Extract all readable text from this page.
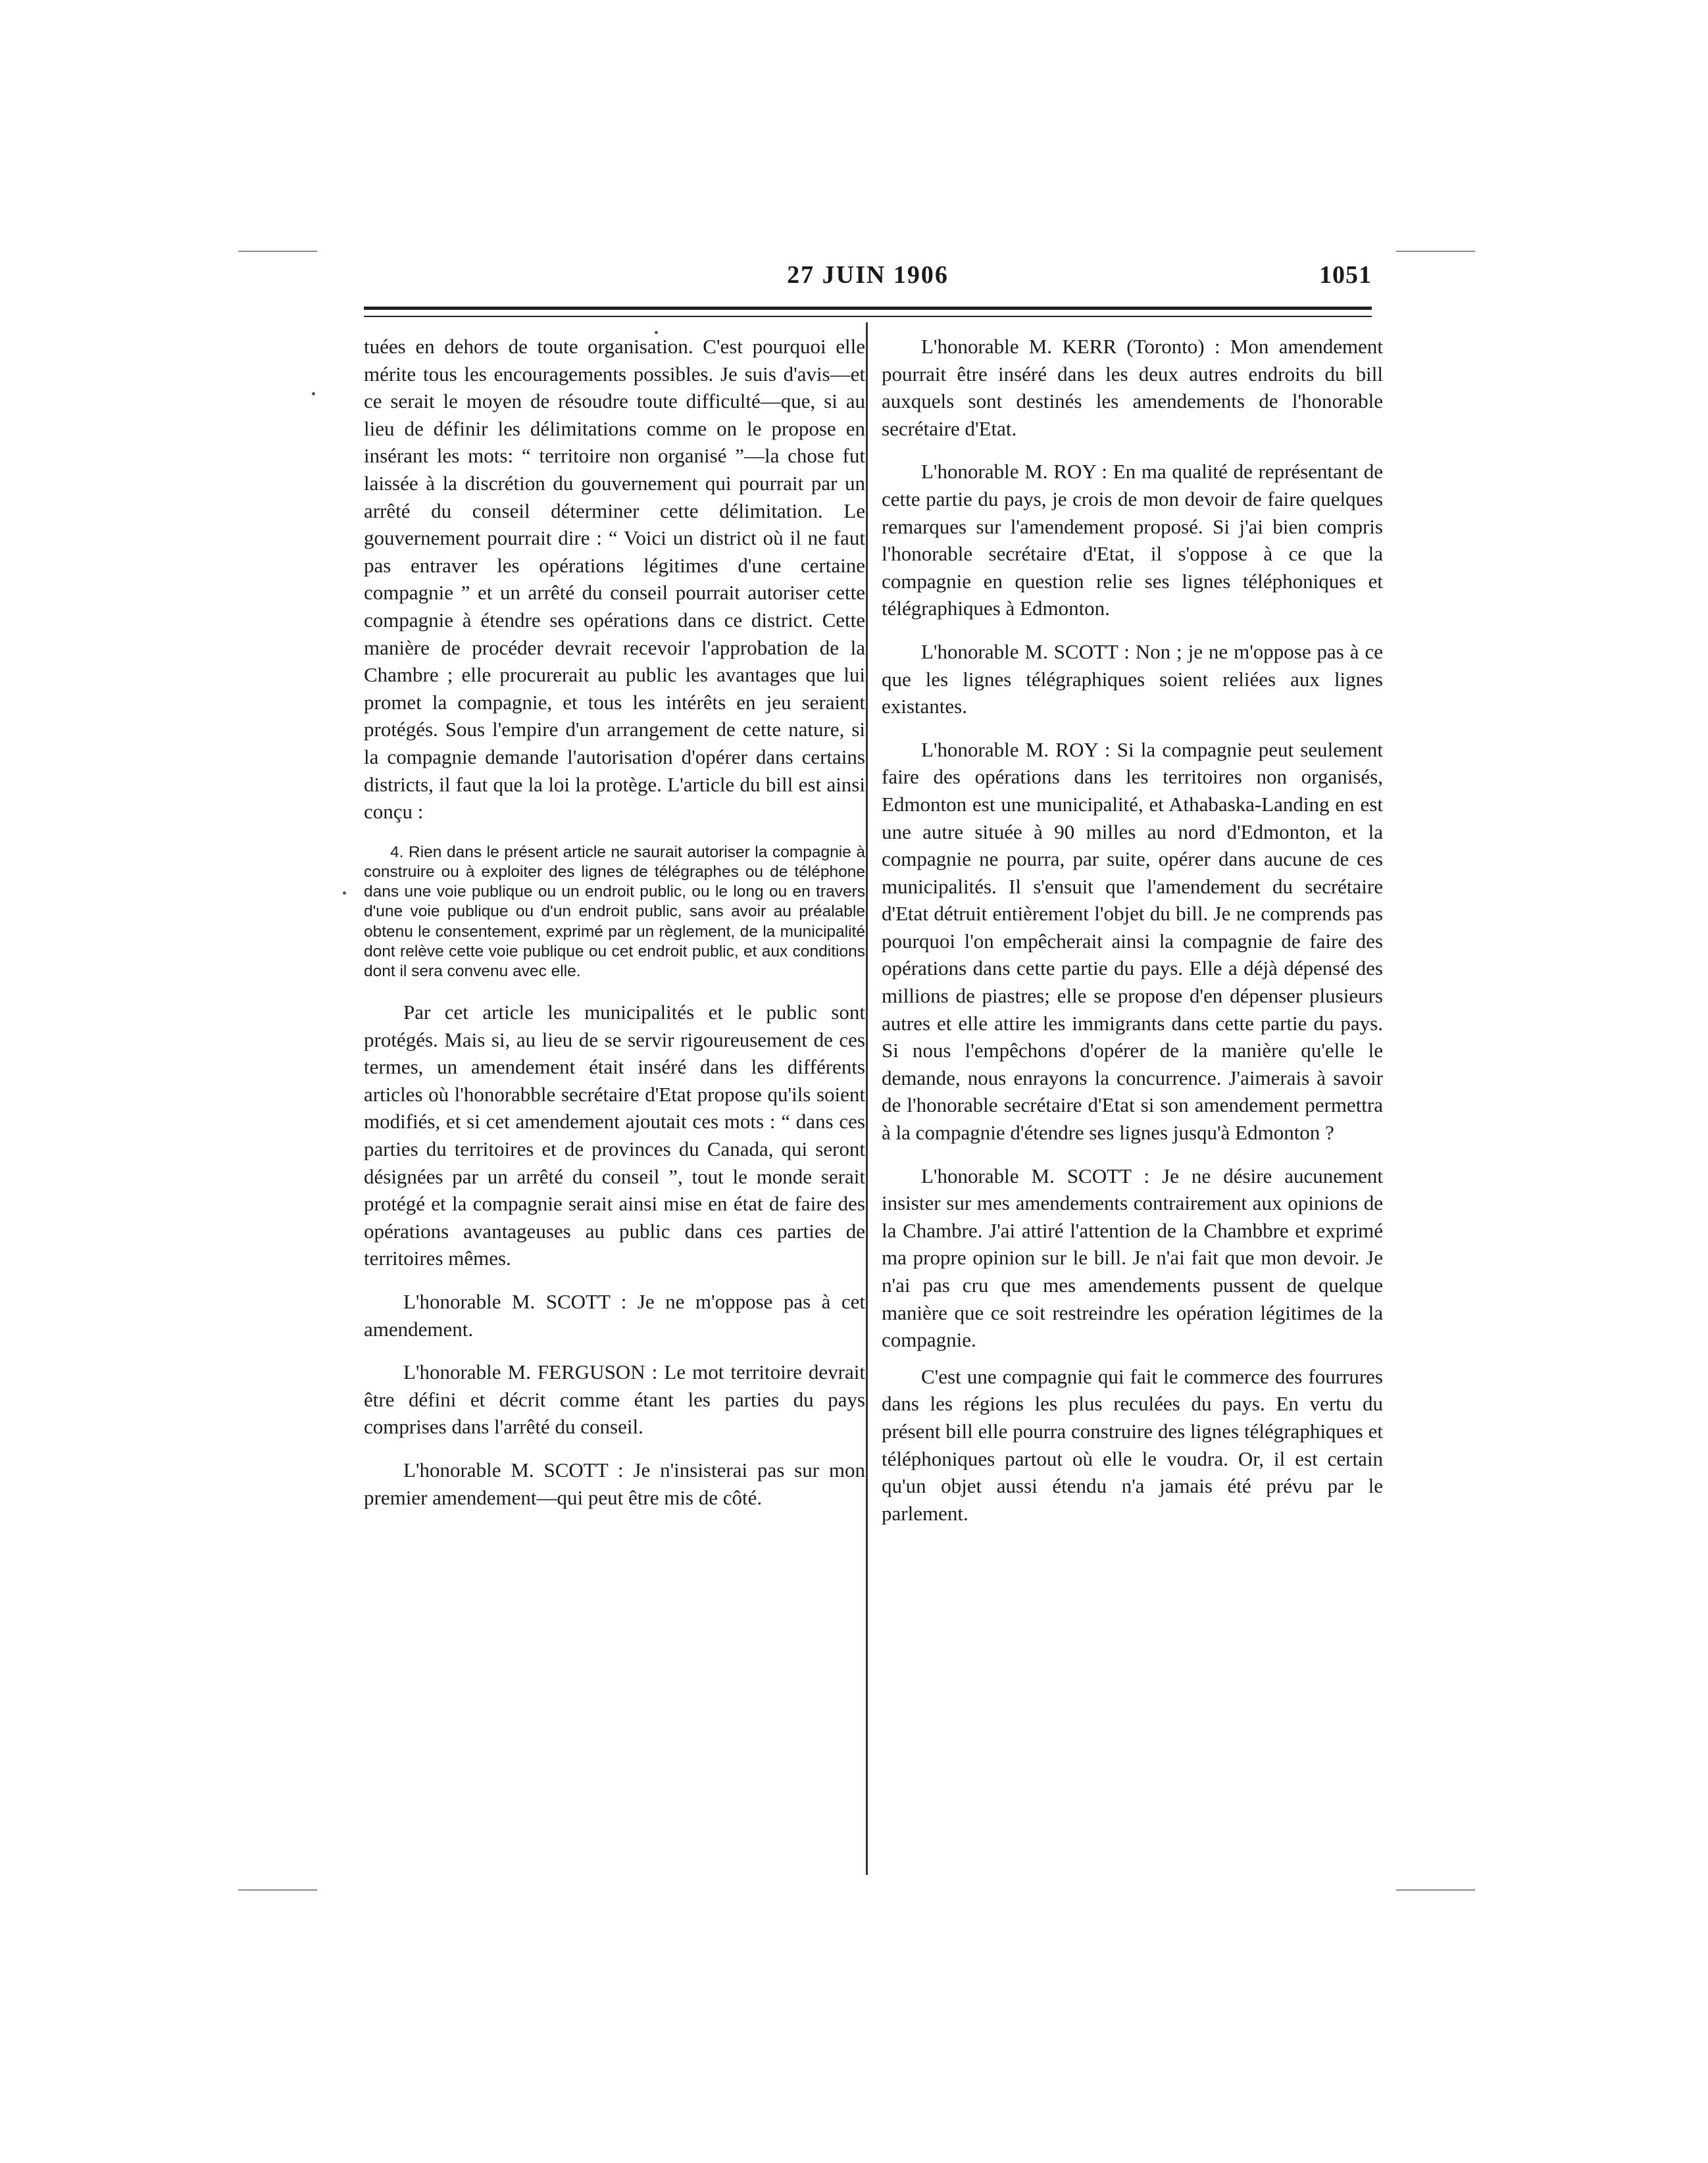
27 JUIN 1906	1051

tuées en dehors de toute organisation. C'est pourquoi elle mérite tous les encouragements possibles. Je suis d'avis—et ce serait le moyen de résoudre toute difficulté—que, si au lieu de définir les délimitations comme on le propose en insérant les mots: “ territoire non organisé ”—la chose fut laissée à la discrétion du gouvernement qui pourrait par un arrêté du conseil déterminer cette délimitation. Le gouvernement pourrait dire : “ Voici un district où il ne faut pas entraver les opérations légitimes d'une certaine compagnie ” et un arrêté du conseil pourrait autoriser cette compagnie à étendre ses opérations dans ce district. Cette manière de procéder devrait recevoir l'approbation de la Chambre ; elle procurerait au public les avantages que lui promet la compagnie, et tous les intérêts en jeu seraient protégés. Sous l'empire d'un arrangement de cette nature, si la compagnie demande l'autorisation d'opérer dans certains districts, il faut que la loi la protège. L'article du bill est ainsi conçu :

4. Rien dans le présent article ne saurait autoriser la compagnie à construire ou à exploiter des lignes de télégraphes ou de téléphone dans une voie publique ou un endroit public, ou le long ou en travers d'une voie publique ou d'un endroit public, sans avoir au préalable obtenu le consentement, exprimé par un règlement, de la municipalité dont relève cette voie publique ou cet endroit public, et aux conditions dont il sera convenu avec elle.

Par cet article les municipalités et le public sont protégés. Mais si, au lieu de se servir rigoureusement de ces termes, un amendement était inséré dans les différents articles où l'honorabble secrétaire d'Etat propose qu'ils soient modifiés, et si cet amendement ajoutait ces mots : “ dans ces parties du territoires et de provinces du Canada, qui seront désignées par un arrêté du conseil ”, tout le monde serait protégé et la compagnie serait ainsi mise en état de faire des opérations avantageuses au public dans ces parties de territoires mêmes.

L'honorable M. SCOTT : Je ne m'oppose pas à cet amendement.

L'honorable M. FERGUSON : Le mot territoire devrait être défini et décrit comme étant les parties du pays comprises dans l'arrêté du conseil.

L'honorable M. SCOTT : Je n'insisterai pas sur mon premier amendement—qui peut être mis de côté.

L'honorable M. KERR (Toronto) : Mon amendement pourrait être inséré dans les deux autres endroits du bill auxquels sont destinés les amendements de l'honorable secrétaire d'Etat.

L'honorable M. ROY : En ma qualité de représentant de cette partie du pays, je crois de mon devoir de faire quelques remarques sur l'amendement proposé. Si j'ai bien compris l'honorable secrétaire d'Etat, il s'oppose à ce que la compagnie en question relie ses lignes téléphoniques et télégraphiques à Edmonton.

L'honorable M. SCOTT : Non ; je ne m'oppose pas à ce que les lignes télégraphiques soient reliées aux lignes existantes.

L'honorable M. ROY : Si la compagnie peut seulement faire des opérations dans les territoires non organisés, Edmonton est une municipalité, et Athabaska-Landing en est une autre située à 90 milles au nord d'Edmonton, et la compagnie ne pourra, par suite, opérer dans aucune de ces municipalités. Il s'ensuit que l'amendement du secrétaire d'Etat détruit entièrement l'objet du bill. Je ne comprends pas pourquoi l'on empêcherait ainsi la compagnie de faire des opérations dans cette partie du pays. Elle a déjà dépensé des millions de piastres; elle se propose d'en dépenser plusieurs autres et elle attire les immigrants dans cette partie du pays. Si nous l'empêchons d'opérer de la manière qu'elle le demande, nous enrayons la concurrence. J'aimerais à savoir de l'honorable secrétaire d'Etat si son amendement permettra à la compagnie d'étendre ses lignes jusqu'à Edmonton ?

L'honorable M. SCOTT : Je ne désire aucunement insister sur mes amendements contrairement aux opinions de la Chambre. J'ai attiré l'attention de la Chambbre et exprimé ma propre opinion sur le bill. Je n'ai fait que mon devoir. Je n'ai pas cru que mes amendements pussent de quelque manière que ce soit restreindre les opération légitimes de la compagnie.

C'est une compagnie qui fait le commerce des fourrures dans les régions les plus reculées du pays. En vertu du présent bill elle pourra construire des lignes télégraphiques et téléphoniques partout où elle le voudra. Or, il est certain qu'un objet aussi étendu n'a jamais été prévu par le parlement.
